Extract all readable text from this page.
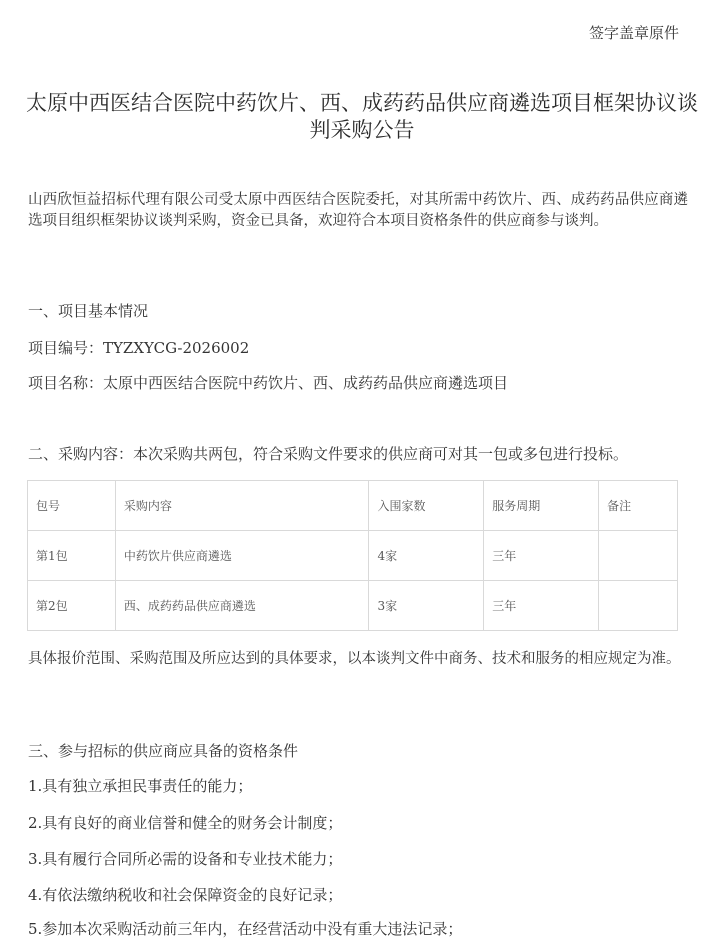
签字盖章原件
太原中西医结合医院中药饮片、西、成药药品供应商遴选项目框架协议谈判采购公告
山西欣恒益招标代理有限公司受太原中西医结合医院委托，对其所需中药饮片、西、成药药品供应商遴选项目组织框架协议谈判采购，资金已具备，欢迎符合本项目资格条件的供应商参与谈判。
一、项目基本情况
项目编号：TYZXYCG-2026002
项目名称：太原中西医结合医院中药饮片、西、成药药品供应商遴选项目
二、采购内容：本次采购共两包，符合采购文件要求的供应商可对其一包或多包进行投标。
包号	采购内容	入围家数	服务周期	备注
第1包	中药饮片供应商遴选	4家	三年	
第2包	西、成药药品供应商遴选	3家	三年	
具体报价范围、采购范围及所应达到的具体要求，以本谈判文件中商务、技术和服务的相应规定为准。
三、参与招标的供应商应具备的资格条件
1.具有独立承担民事责任的能力；
2.具有良好的商业信誉和健全的财务会计制度；
3.具有履行合同所必需的设备和专业技术能力；
4.有依法缴纳税收和社会保障资金的良好记录；
5.参加本次采购活动前三年内，在经营活动中没有重大违法记录；
